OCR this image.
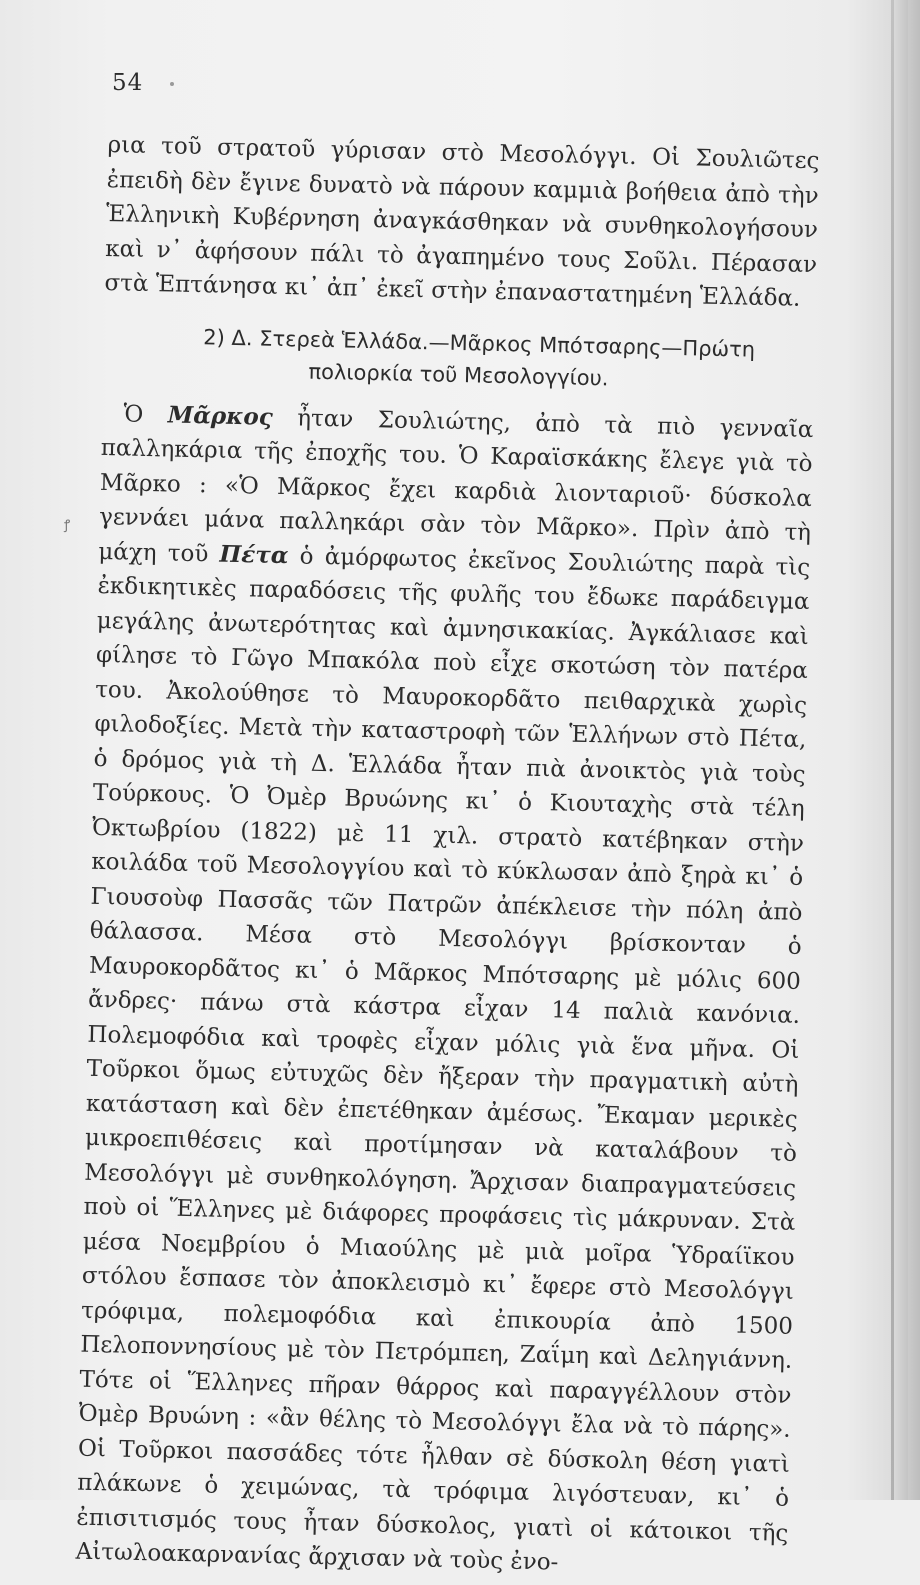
54
ꝭ

ρια τοῦ στρατοῦ γύρισαν στὸ Μεσολόγγι. Οἱ Σουλιῶτες ἐπειδὴ δὲν ἔγινε δυνατὸ νὰ πάρουν καμμιὰ βοήθεια ἀπὸ τὴν Ἑλληνικὴ Κυβέρνηση ἀναγκάσθηκαν νὰ συνθηκολογήσουν καὶ ν᾽ ἀφήσουν πάλι τὸ ἀγαπημένο τους Σοῦλι. Πέρασαν στὰ Ἑπτάνησα κι᾽ ἀπ᾽ ἐκεῖ στὴν ἐπαναστατημένη Ἑλλάδα.

2) Δ. Στερεὰ Ἑλλάδα.—Μᾶρκος Μπότσαρης—Πρώτη
πολιορκία τοῦ Μεσολογγίου.

Ὁ Μᾶρκος ἦταν Σουλιώτης, ἀπὸ τὰ πιὸ γενναῖα παλληκάρια τῆς ἐποχῆς του. Ὁ Καραϊσκάκης ἔλεγε γιὰ τὸ Μᾶρκο : «Ὁ Μᾶρκος ἔχει καρδιὰ λιονταριοῦ· δύσκολα γεννάει μάνα παλληκάρι σὰν τὸν Μᾶρκο». Πρὶν ἀπὸ τὴ μάχη τοῦ Πέτα ὁ ἀμόρφωτος ἐκεῖνος Σουλιώτης παρὰ τὶς ἐκδικητικὲς παραδόσεις τῆς φυλῆς του ἔδωκε παράδειγμα μεγάλης ἀνωτερότητας καὶ ἀμνησικακίας. Ἀγκάλιασε καὶ φίλησε τὸ Γῶγο Μπακόλα ποὺ εἶχε σκοτώση τὸν πατέρα του. Ἀκολούθησε τὸ Μαυροκορδᾶτο πειθαρχικὰ χωρὶς φιλοδοξίες. Μετὰ τὴν καταστροφὴ τῶν Ἑλλήνων στὸ Πέτα, ὁ δρόμος γιὰ τὴ Δ. Ἑλλάδα ἦταν πιὰ ἀνοικτὸς γιὰ τοὺς Τούρκους. Ὁ Ὀμὲρ Βρυώνης κι᾽ ὁ Κιουταχὴς στὰ τέλη Ὀκτωβρίου (1822) μὲ 11 χιλ. στρατὸ κατέβηκαν στὴν κοιλάδα τοῦ Μεσολογγίου καὶ τὸ κύκλωσαν ἀπὸ ξηρὰ κι᾽ ὁ Γιουσοὺφ Πασσᾶς τῶν Πατρῶν ἀπέκλεισε τὴν πόλη ἀπὸ θάλασσα. Μέσα στὸ Μεσολόγγι βρίσκονταν ὁ Μαυροκορδᾶτος κι᾽ ὁ Μᾶρκος Μπότσαρης μὲ μόλις 600 ἄνδρες· πάνω στὰ κάστρα εἶχαν 14 παλιὰ κανόνια. Πολεμοφόδια καὶ τροφὲς εἶχαν μόλις γιὰ ἕνα μῆνα. Οἱ Τοῦρκοι ὅμως εὐτυχῶς δὲν ἤξεραν τὴν πραγματικὴ αὐτὴ κατάσταση καὶ δὲν ἐπετέθηκαν ἀμέσως. Ἔκαμαν μερικὲς μικροεπιθέσεις καὶ προτίμησαν νὰ καταλάβουν τὸ Μεσολόγγι μὲ συνθηκολόγηση. Ἄρχισαν διαπραγματεύσεις ποὺ οἱ Ἕλληνες μὲ διάφορες προφάσεις τὶς μάκρυναν. Στὰ μέσα Νοεμβρίου ὁ Μιαούλης μὲ μιὰ μοῖρα Ὑδραίϊκου στόλου ἔσπασε τὸν ἀποκλεισμὸ κι᾽ ἔφερε στὸ Μεσολόγγι τρόφιμα, πολεμοφόδια καὶ ἐπικουρία ἀπὸ 1500 Πελοποννησίους μὲ τὸν Πετρόμπεη, Ζαΐμη καὶ Δεληγιάννη. Τότε οἱ Ἕλληνες πῆραν θάρρος καὶ παραγγέλλουν στὸν Ὀμὲρ Βρυώνη : «ἂν θέλης τὸ Μεσολόγγι ἔλα νὰ τὸ πάρης». Οἱ Τοῦρκοι πασσάδες τότε ἦλθαν σὲ δύσκολη θέση γιατὶ πλάκωνε ὁ χειμώνας, τὰ τρόφιμα λιγόστευαν, κι᾽ ὁ ἐπισιτισμός τους ἦταν δύσκολος, γιατὶ οἱ κάτοικοι τῆς Αἰτωλοακαρνανίας ἄρχισαν νὰ τοὺς ἐνο-
